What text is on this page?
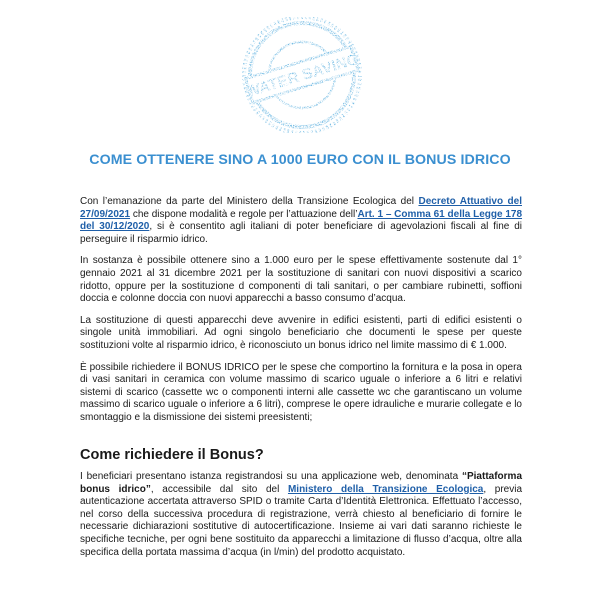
WATER SAVING
COME OTTENERE SINO A 1000 EURO CON IL BONUS IDRICO

Con l’emanazione da parte del Ministero della Transizione Ecologica del Decreto Attuativo del 27/09/2021 che dispone modalità e regole per l’attuazione dell’Art. 1 – Comma 61 della Legge 178 del 30/12/2020, si è consentito agli italiani di poter beneficiare di agevolazioni fiscali al fine di perseguire il risparmio idrico.

In sostanza è possibile ottenere sino a 1.000 euro per le spese effettivamente sostenute dal 1° gennaio 2021 al 31 dicembre 2021 per la sostituzione di sanitari con nuovi dispositivi a scarico ridotto, oppure per la sostituzione d componenti di tali sanitari, o per cambiare rubinetti, soffioni doccia e colonne doccia con nuovi apparecchi a basso consumo d’acqua.

La sostituzione di questi apparecchi deve avvenire in edifici esistenti, parti di edifici esistenti o singole unità immobiliari. Ad ogni singolo beneficiario che documenti le spese per queste sostituzioni volte al risparmio idrico, è riconosciuto un bonus idrico nel limite massimo di € 1.000.

È possibile richiedere il BONUS IDRICO per le spese che comportino la fornitura e la posa in opera di vasi sanitari in ceramica con volume massimo di scarico uguale o inferiore a 6 litri e relativi sistemi di scarico (cassette wc o componenti interni alle cassette wc che garantiscano un volume massimo di scarico uguale o inferiore a 6 litri), comprese le opere idrauliche e murarie collegate e lo smontaggio e la dismissione dei sistemi preesistenti;

Come richiedere il Bonus?

I beneficiari presentano istanza registrandosi su una applicazione web, denominata “Piattaforma bonus idrico”, accessibile dal sito del Ministero della Transizione Ecologica, previa autenticazione accertata attraverso SPID o tramite Carta d’Identità Elettronica. Effettuato l’accesso, nel corso della successiva procedura di registrazione, verrà chiesto al beneficiario di fornire le necessarie dichiarazioni sostitutive di autocertificazione. Insieme ai vari dati saranno richieste le specifiche tecniche, per ogni bene sostituito da apparecchi a limitazione di flusso d’acqua, oltre alla specifica della portata massima d’acqua (in l/min) del prodotto acquistato.
